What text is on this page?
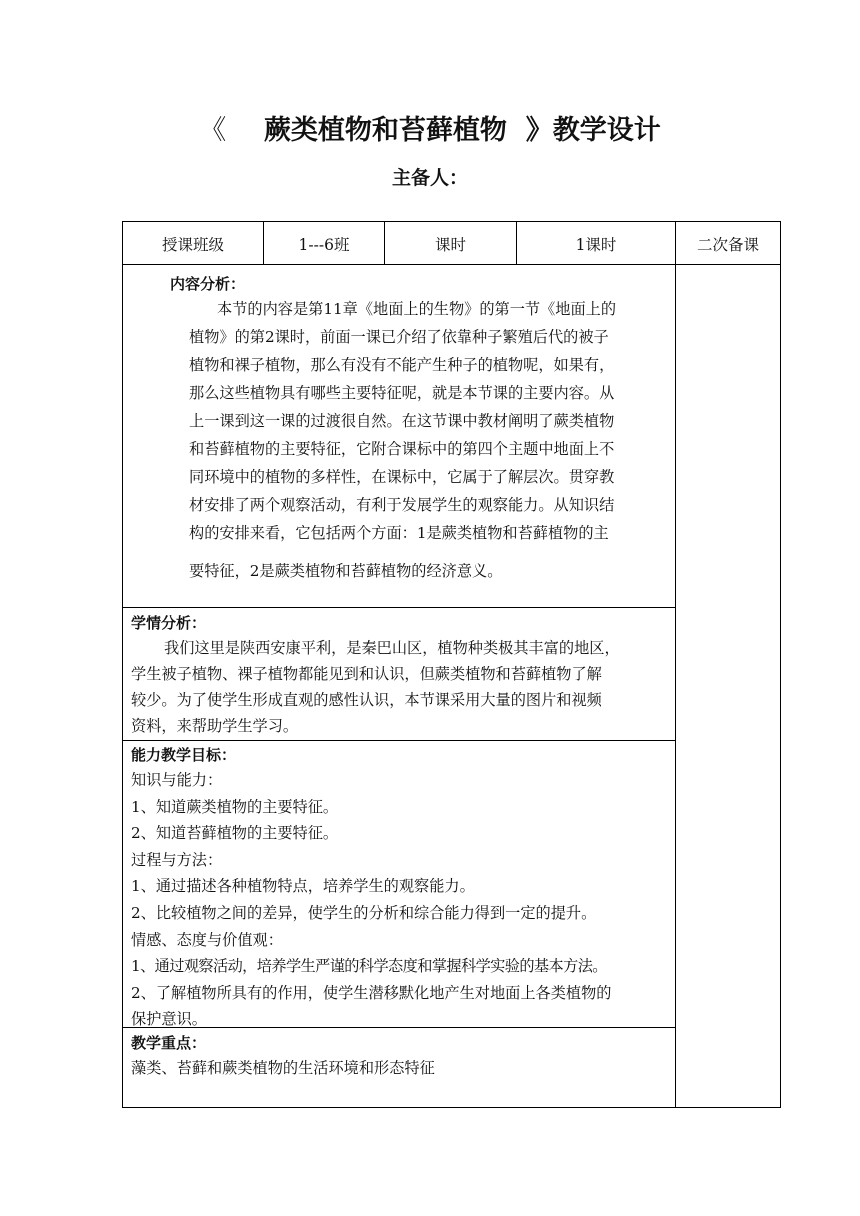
《 蕨类植物和苔藓植物 》教学设计
主备人：
授课班级	1---6班	课时	1课时	二次备课
内容分析：
本节的内容是第11章《地面上的生物》的第一节《地面上的
植物》的第2课时，前面一课已介绍了依靠种子繁殖后代的被子
植物和裸子植物，那么有没有不能产生种子的植物呢，如果有，
那么这些植物具有哪些主要特征呢，就是本节课的主要内容。从
上一课到这一课的过渡很自然。在这节课中教材阐明了蕨类植物
和苔藓植物的主要特征，它附合课标中的第四个主题中地面上不
同环境中的植物的多样性，在课标中，它属于了解层次。贯穿教
材安排了两个观察活动，有利于发展学生的观察能力。从知识结
构的安排来看，它包括两个方面：1是蕨类植物和苔藓植物的主
要特征，2是蕨类植物和苔藓植物的经济意义。
学情分析：
我们这里是陕西安康平利，是秦巴山区，植物种类极其丰富的地区，
学生被子植物、裸子植物都能见到和认识，但蕨类植物和苔藓植物了解
较少。为了使学生形成直观的感性认识，本节课采用大量的图片和视频
资料，来帮助学生学习。
能力教学目标：
知识与能力：
1、知道蕨类植物的主要特征。
2、知道苔藓植物的主要特征。
过程与方法：
1、通过描述各种植物特点，培养学生的观察能力。
2、比较植物之间的差异，使学生的分析和综合能力得到一定的提升。
情感、态度与价值观：
1、通过观察活动，培养学生严谨的科学态度和掌握科学实验的基本方法。
2、了解植物所具有的作用，使学生潜移默化地产生对地面上各类植物的
保护意识。
教学重点：
藻类、苔藓和蕨类植物的生活环境和形态特征
